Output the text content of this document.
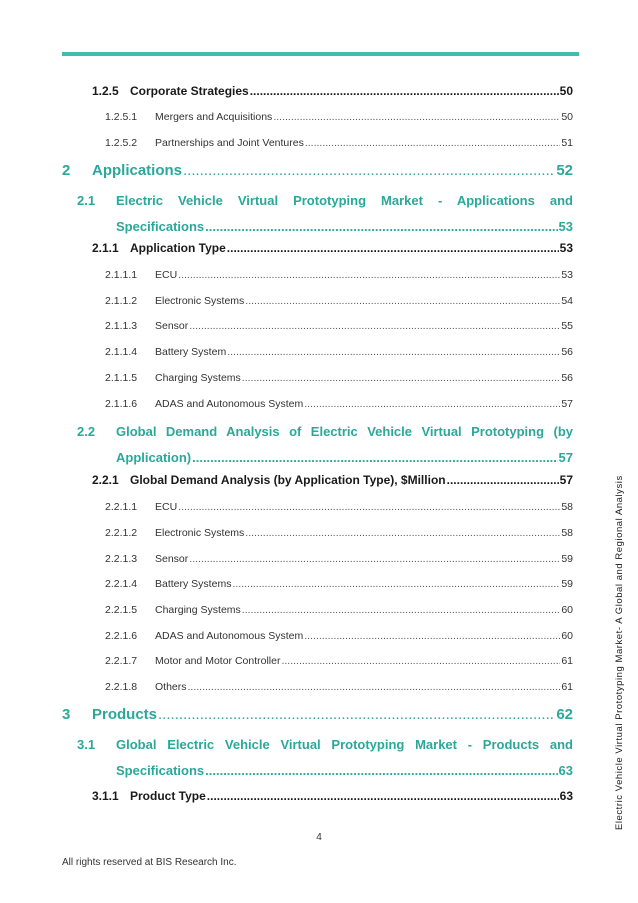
1.2.5 Corporate Strategies .....	50
1.2.5.1	Mergers and Acquisitions .....	50
1.2.5.2	Partnerships and Joint Ventures .....	51
2	Applications .....	52
2.1 Electric Vehicle Virtual Prototyping Market - Applications and
Specifications .....	53
2.1.1 Application Type .....	53
2.1.1.1	ECU .....	53
2.1.1.2	Electronic Systems .....	54
2.1.1.3	Sensor .....	55
2.1.1.4	Battery System .....	56
2.1.1.5	Charging Systems .....	56
2.1.1.6	ADAS and Autonomous System .....	57
2.2 Global Demand Analysis of Electric Vehicle Virtual Prototyping (by
Application) .....	57
2.2.1 Global Demand Analysis (by Application Type), $Million .....	57
2.2.1.1	ECU .....	58
2.2.1.2	Electronic Systems .....	58
2.2.1.3	Sensor .....	59
2.2.1.4	Battery Systems .....	59
2.2.1.5	Charging Systems .....	60
2.2.1.6	ADAS and Autonomous System .....	60
2.2.1.7	Motor and Motor Controller .....	61
2.2.1.8	Others .....	61
3	Products .....	62
3.1 Global Electric Vehicle Virtual Prototyping Market - Products and
Specifications .....	63
3.1.1 Product Type .....	63
4
All rights reserved at BIS Research Inc.
Electric Vehicle Virtual Prototyping Market- A Global and Regional Analysis
